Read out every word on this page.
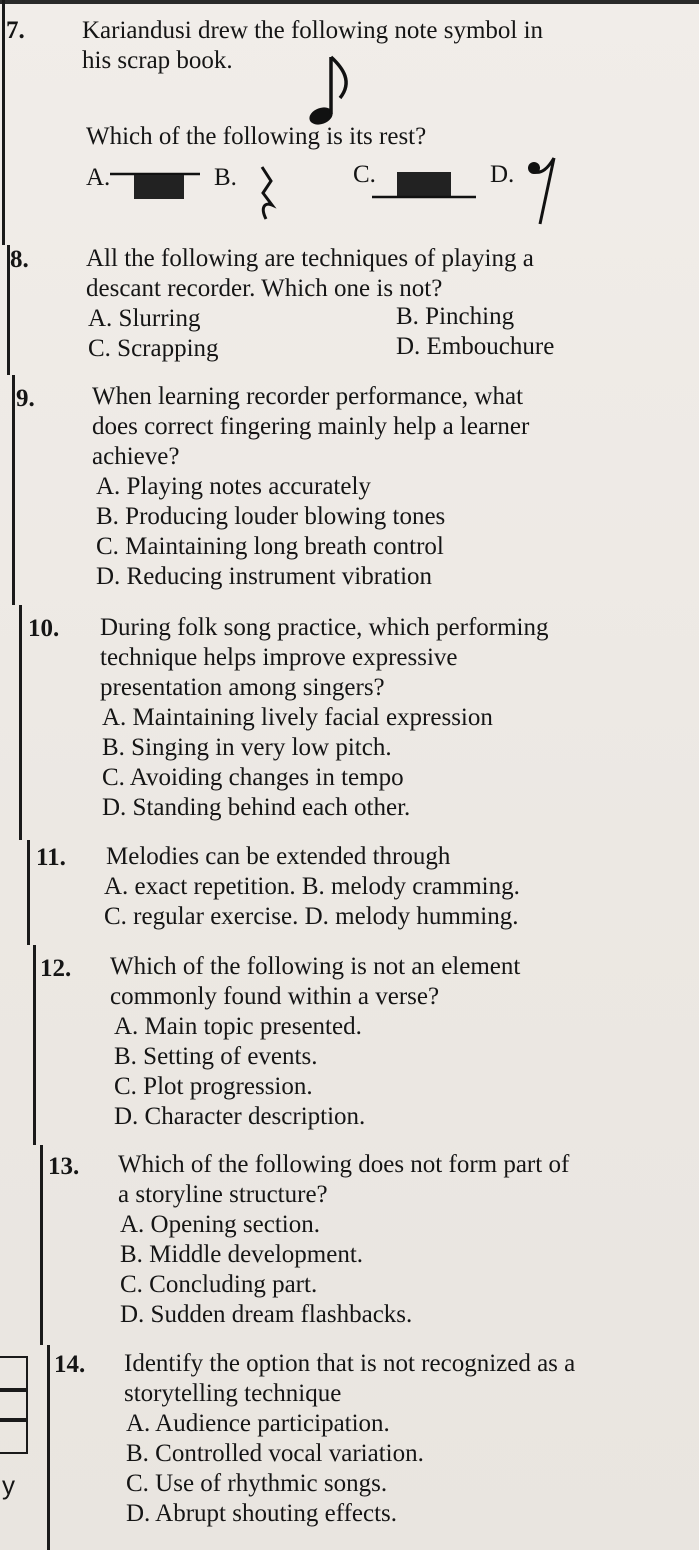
y
7. Kariandusi drew the following note symbol in
his scrap book.
Which of the following is its rest?
A.	B.	C.	D.
8. All the following are techniques of playing a
descant recorder. Which one is not?
A. Slurring	B. Pinching
C. Scrapping	D. Embouchure
9. When learning recorder performance, what
does correct fingering mainly help a learner
achieve?
A. Playing notes accurately
B. Producing louder blowing tones
C. Maintaining long breath control
D. Reducing instrument vibration
10. During folk song practice, which performing
technique helps improve expressive
presentation among singers?
A. Maintaining lively facial expression
B. Singing in very low pitch.
C. Avoiding changes in tempo
D. Standing behind each other.
11. Melodies can be extended through
A. exact repetition. B. melody cramming.
C. regular exercise. D. melody humming.
12. Which of the following is not an element
commonly found within a verse?
A. Main topic presented.
B. Setting of events.
C. Plot progression.
D. Character description.
13. Which of the following does not form part of
a storyline structure?
A. Opening section.
B. Middle development.
C. Concluding part.
D. Sudden dream flashbacks.
14. Identify the option that is not recognized as a
storytelling technique
A. Audience participation.
B. Controlled vocal variation.
C. Use of rhythmic songs.
D. Abrupt shouting effects.
